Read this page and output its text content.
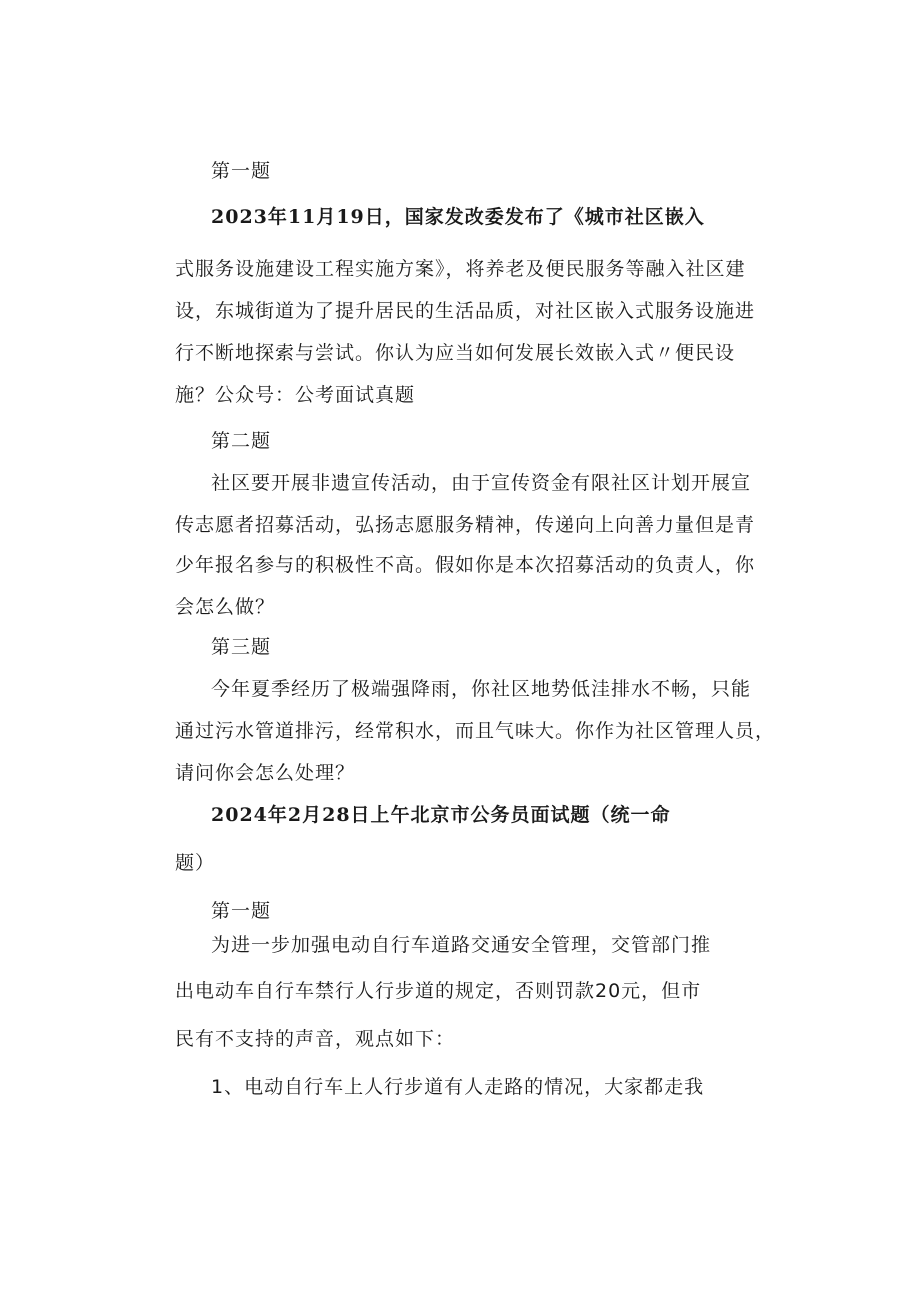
第一题
2023年11月19日，国家发改委发布了《城市社区嵌入
式服务设施建设工程实施方案》，将养老及便民服务等融入社区建
设，东城街道为了提升居民的生活品质，对社区嵌入式服务设施进
行不断地探索与尝试。你认为应当如何发展长效嵌入式〃便民设
施？公众号：公考面试真题
第二题
社区要开展非遗宣传活动，由于宣传资金有限社区计划开展宣
传志愿者招募活动，弘扬志愿服务精神，传递向上向善力量但是青
少年报名参与的积极性不高。假如你是本次招募活动的负责人，你
会怎么做？
第三题
今年夏季经历了极端强降雨，你社区地势低洼排水不畅，只能
通过污水管道排污，经常积水，而且气味大。你作为社区管理人员，
请问你会怎么处理？
2024年2月28日上午北京市公务员面试题（统一命
题）
第一题
为进一步加强电动自行车道路交通安全管理，交管部门推
出电动车自行车禁行人行步道的规定，否则罚款20元，但市
民有不支持的声音，观点如下：
1、电动自行车上人行步道有人走路的情况，大家都走我
